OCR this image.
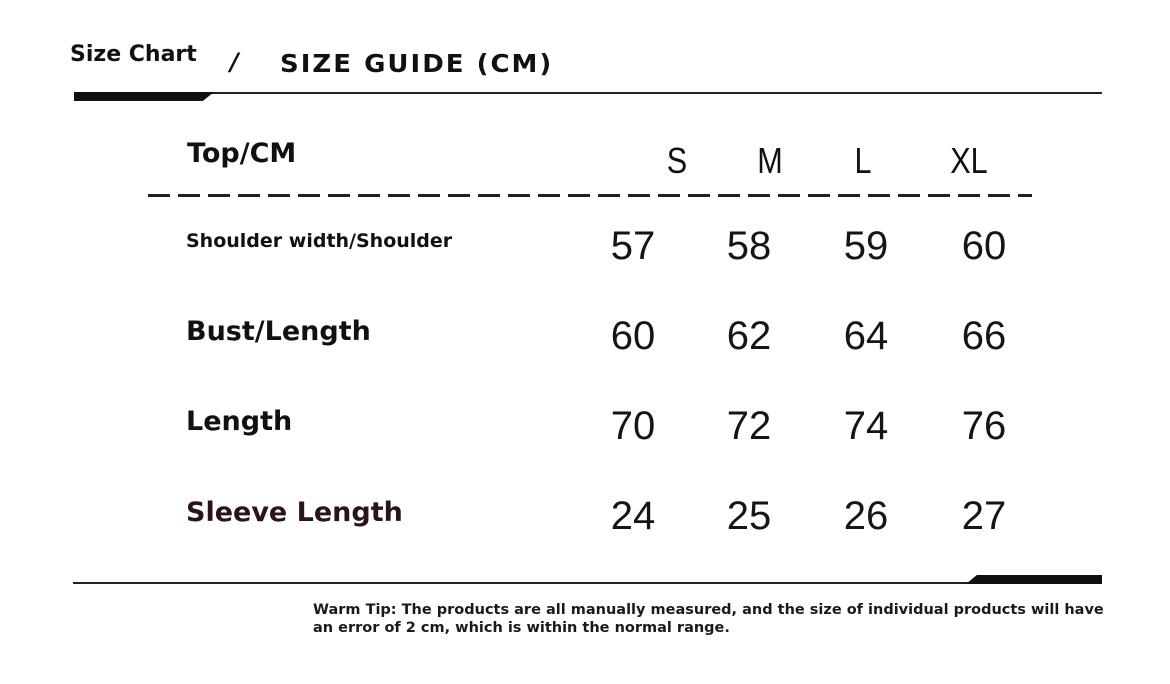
Size Chart / SIZE GUIDE (CM)
Top/CM	S	M	L	XL
Shoulder width/Shoulder	57	58	59	60
Bust/Length	60	62	64	66
Length	70	72	74	76
Sleeve Length	24	25	26	27
Warm Tip: The products are all manually measured, and the size of individual products will have an error of 2 cm, which is within the normal range.
